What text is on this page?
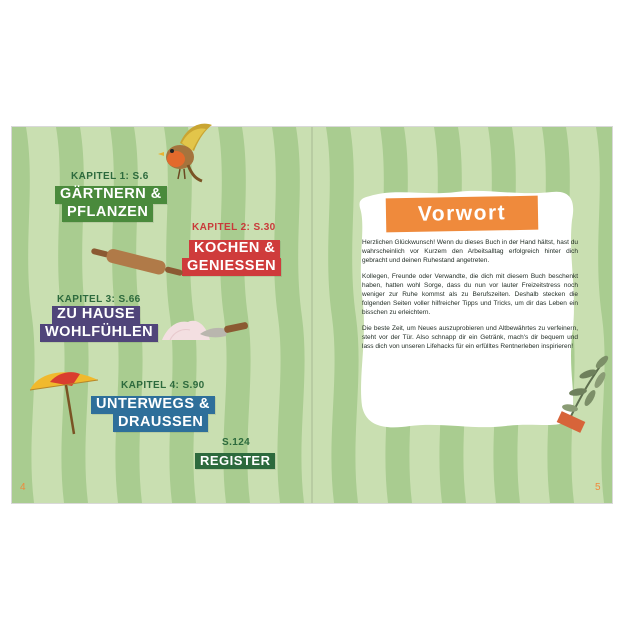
KAPITEL 1: S.6
GÄRTNERN &
PFLANZEN
KAPITEL 2: S.30
KOCHEN &
GENIESSEN
KAPITEL 3: S.66
ZU HAUSE
WOHLFÜHLEN
KAPITEL 4: S.90
UNTERWEGS &
DRAUSSEN
S.124
REGISTER
4
Vorwort

Herzlichen Glückwunsch! Wenn du dieses Buch in der Hand hältst, hast du wahrscheinlich vor Kurzem den Arbeitsalltag erfolgreich hinter dich gebracht und deinen Ruhestand angetreten.

Kollegen, Freunde oder Verwandte, die dich mit diesem Buch beschenkt haben, hatten wohl Sorge, dass du nun vor lauter Freizeitstress noch weniger zur Ruhe kommst als zu Berufszeiten. Deshalb stecken die folgenden Seiten voller hilfreicher Tipps und Tricks, um dir das Leben ein bisschen zu erleichtern.

Die beste Zeit, um Neues auszuprobieren und Altbewährtes zu verfeinern, steht vor der Tür. Also schnapp dir ein Getränk, mach's dir bequem und lass dich von unseren Lifehacks für ein erfülltes Rentnerleben inspirieren!

5
